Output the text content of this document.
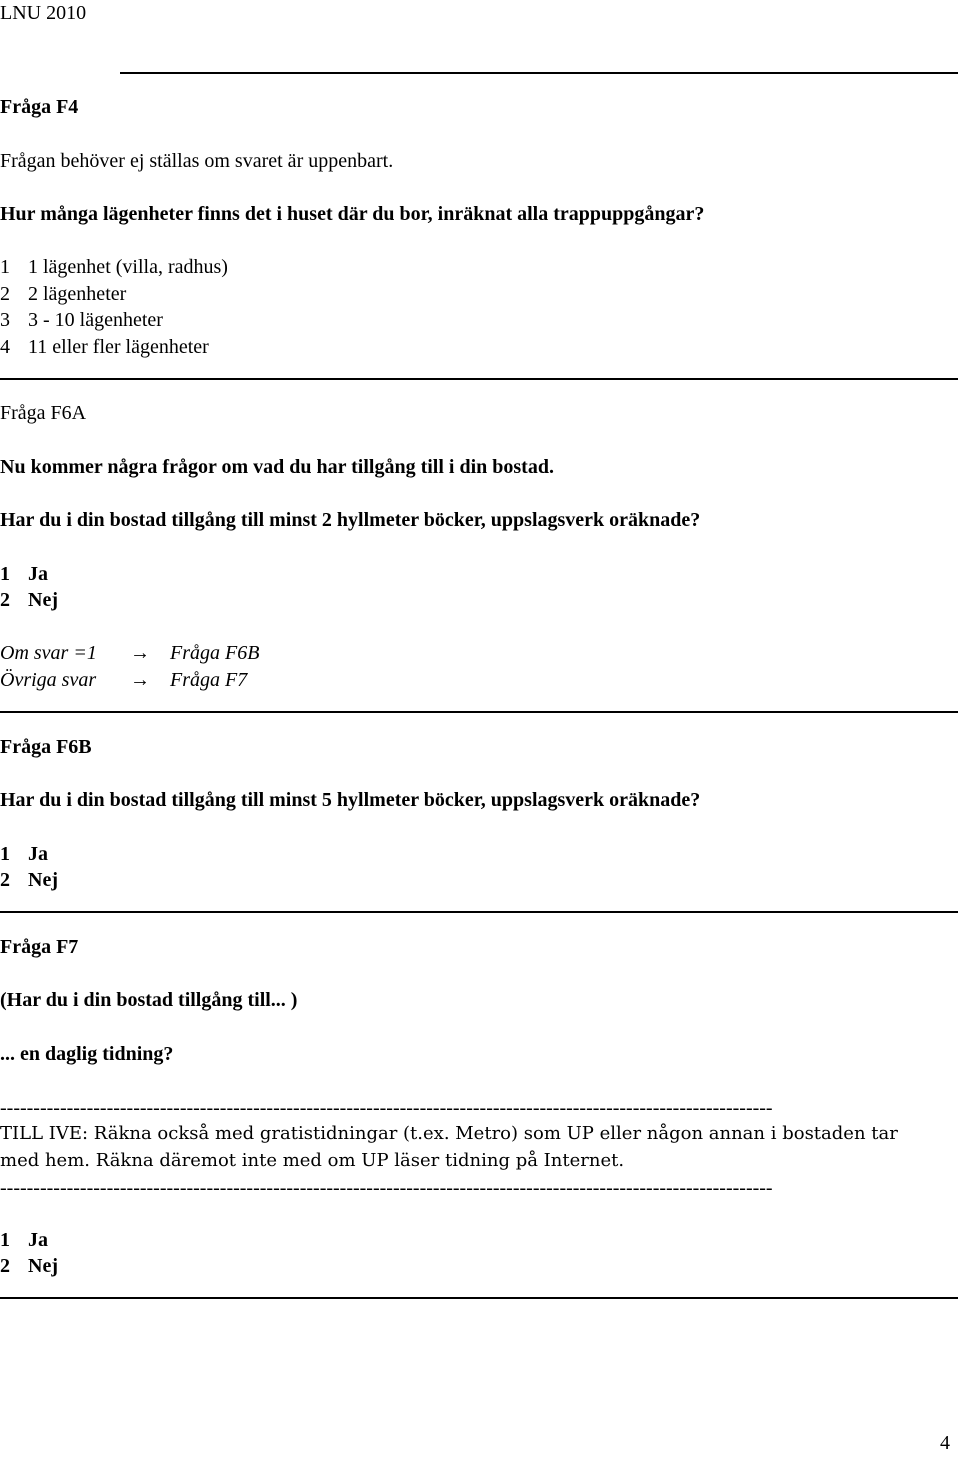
LNU 2010
Fråga F4
Frågan behöver ej ställas om svaret är uppenbart.
Hur många lägenheter finns det i huset där du bor, inräknat alla trappuppgångar?
1 1 lägenhet (villa, radhus)
2 2 lägenheter
3 3 - 10 lägenheter
4 11 eller fler lägenheter
Fråga F6A
Nu kommer några frågor om vad du har tillgång till i din bostad.
Har du i din bostad tillgång till minst 2 hyllmeter böcker, uppslagsverk oräknade?
1 Ja
2 Nej
Om svar =1 → Fråga F6B
Övriga svar → Fråga F7
Fråga F6B
Har du i din bostad tillgång till minst 5 hyllmeter böcker, uppslagsverk oräknade?
1 Ja
2 Nej
Fråga F7
(Har du i din bostad tillgång till... )
... en daglig tidning?
--------------------------------------------------------------------------------------------------------------------
TILL IVE: Räkna också med gratistidningar (t.ex. Metro) som UP eller någon annan i bostaden tar
med hem. Räkna däremot inte med om UP läser tidning på Internet.
--------------------------------------------------------------------------------------------------------------------
1 Ja
2 Nej
4
